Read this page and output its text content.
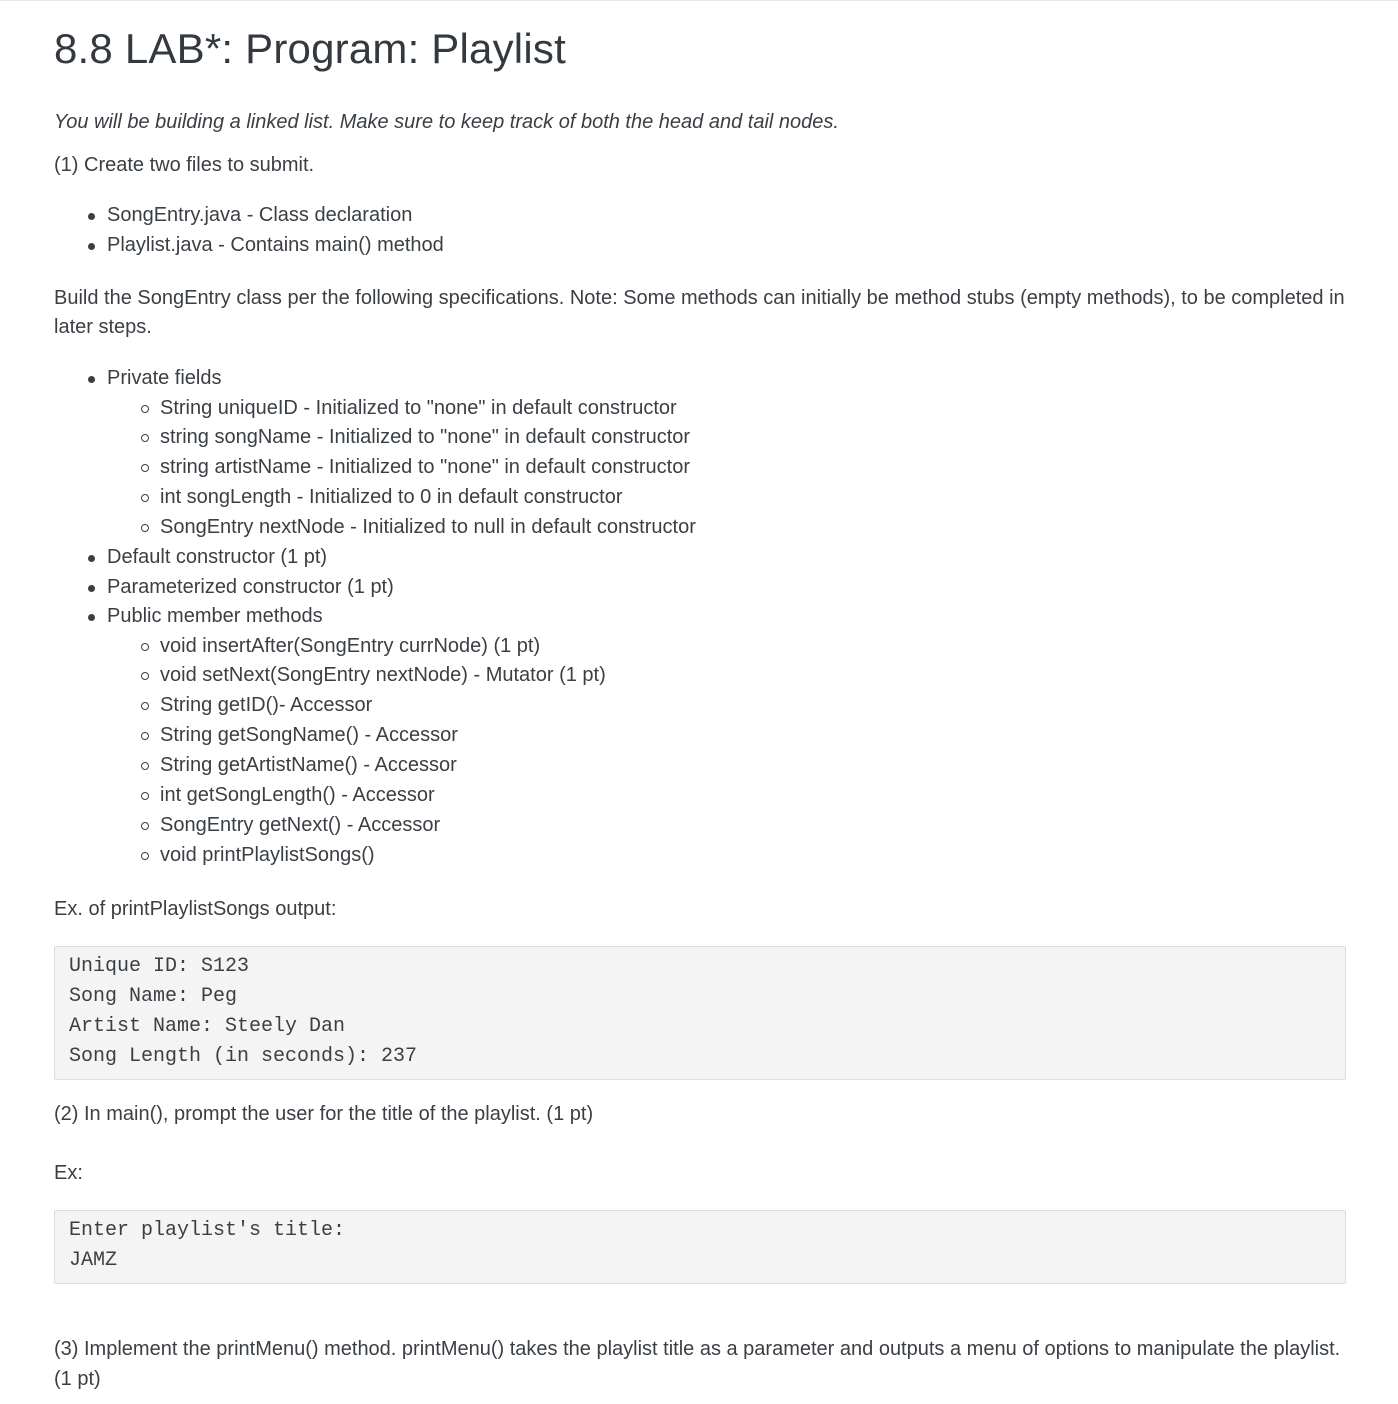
8.8 LAB*: Program: Playlist

You will be building a linked list. Make sure to keep track of both the head and tail nodes.

(1) Create two files to submit.

SongEntry.java - Class declaration
Playlist.java - Contains main() method

Build the SongEntry class per the following specifications. Note: Some methods can initially be method stubs (empty methods), to be completed in later steps.

Private fields
String uniqueID - Initialized to "none" in default constructor
string songName - Initialized to "none" in default constructor
string artistName - Initialized to "none" in default constructor
int songLength - Initialized to 0 in default constructor
SongEntry nextNode - Initialized to null in default constructor
Default constructor (1 pt)
Parameterized constructor (1 pt)
Public member methods
void insertAfter(SongEntry currNode) (1 pt)
void setNext(SongEntry nextNode) - Mutator (1 pt)
String getID()- Accessor
String getSongName() - Accessor
String getArtistName() - Accessor
int getSongLength() - Accessor
SongEntry getNext() - Accessor
void printPlaylistSongs()

Ex. of printPlaylistSongs output:

Unique ID: S123
Song Name: Peg
Artist Name: Steely Dan
Song Length (in seconds): 237

(2) In main(), prompt the user for the title of the playlist. (1 pt)

Ex:

Enter playlist's title:
JAMZ

(3) Implement the printMenu() method. printMenu() takes the playlist title as a parameter and outputs a menu of options to manipulate the playlist. (1 pt)
